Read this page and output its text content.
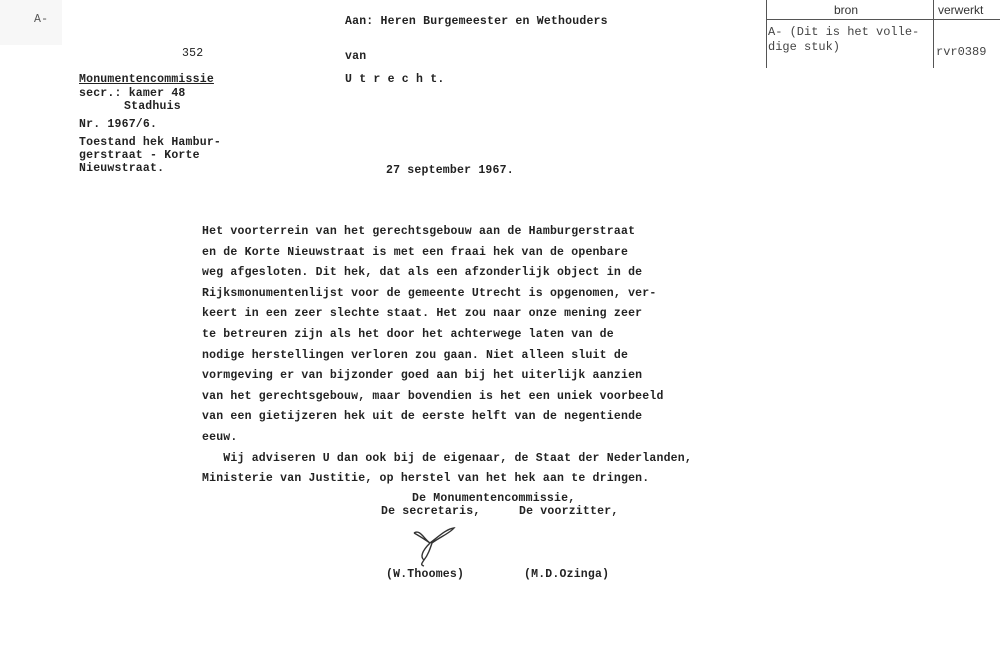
A-	Aan: Heren Burgemeester en Wethouders
352	van
Monumentencommissie	U t r e c h t.
secr.: kamer 48
Stadhuis
Nr. 1967/6.
Toestand hek Hambur-
gerstraat - Korte
Nieuwstraat.	27 september 1967.
Het voorterrein van het gerechtsgebouw aan de Hamburgerstraat
en de Korte Nieuwstraat is met een fraai hek van de openbare
weg afgesloten. Dit hek, dat als een afzonderlijk object in de
Rijksmonumentenlijst voor de gemeente Utrecht is opgenomen, ver-
keert in een zeer slechte staat. Het zou naar onze mening zeer
te betreuren zijn als het door het achterwege laten van de
nodige herstellingen verloren zou gaan. Niet alleen sluit de
vormgeving er van bijzonder goed aan bij het uiterlijk aanzien
van het gerechtsgebouw, maar bovendien is het een uniek voorbeeld
van een gietijzeren hek uit de eerste helft van de negentiende
eeuw.
Wij adviseren U dan ook bij de eigenaar, de Staat der Nederlanden,
Ministerie van Justitie, op herstel van het hek aan te dringen.
De Monumentencommissie,
De secretaris,	De voorzitter,
(W.Thoomes)	(M.D.Ozinga)
bron	verwerkt
A- (Dit is het volle-
dige stuk)	rvr0389
